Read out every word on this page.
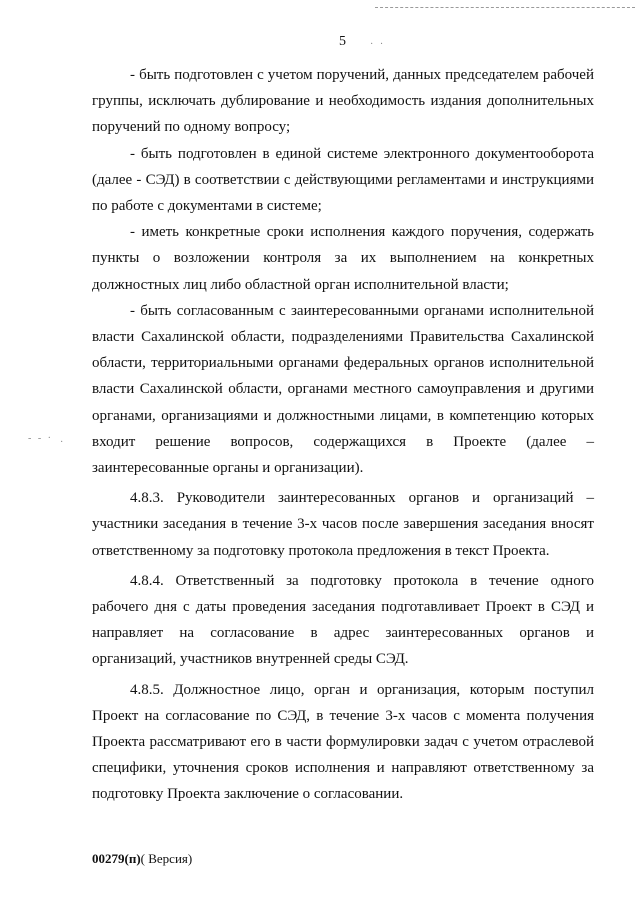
· ·
- - · ·
5

- быть подготовлен с учетом поручений, данных председателем рабочей группы, исключать дублирование и необходимость издания дополнительных поручений по одному вопросу;

- быть подготовлен в единой системе электронного документооборота (далее - СЭД) в соответствии с действующими регламентами и инструкциями по работе с документами в системе;

- иметь конкретные сроки исполнения каждого поручения, содержать пункты о возложении контроля за их выполнением на конкретных должностных лиц либо областной орган исполнительной власти;

- быть согласованным с заинтересованными органами исполнительной власти Сахалинской области, подразделениями Правительства Сахалинской области, территориальными органами федеральных органов исполнительной власти Сахалинской области, органами местного самоуправления и другими органами, организациями и должностными лицами, в компетенцию которых входит решение вопросов, содержащихся в Проекте (далее – заинтересованные органы и организации).

4.8.3. Руководители заинтересованных органов и организаций – участники заседания в течение 3-х часов после завершения заседания вносят ответственному за подготовку протокола предложения в текст Проекта.

4.8.4. Ответственный за подготовку протокола в течение одного рабочего дня с даты проведения заседания подготавливает Проект в СЭД и направляет на согласование в адрес заинтересованных органов и организаций, участников внутренней среды СЭД.

4.8.5. Должностное лицо, орган и организация, которым поступил Проект на согласование по СЭД, в течение 3-х часов с момента получения Проекта рассматривают его в части формулировки задач с учетом отраслевой специфики, уточнения сроков исполнения и направляют ответственному за подготовку Проекта заключение о согласовании.

00279(п)( Версия)
